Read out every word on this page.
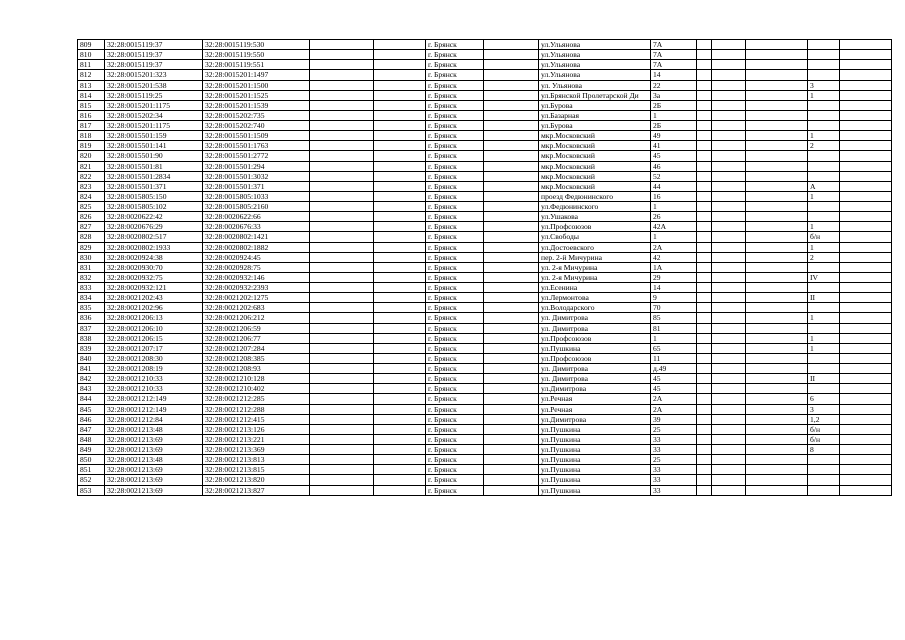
809	32:28:0015119:37	32:28:0015119:530			г. Брянск		ул.Ульянова	7А					
810	32:28:0015119:37	32:28:0015119:550			г. Брянск		ул.Ульянова	7А					
811	32:28:0015119:37	32:28:0015119:551			г. Брянск		ул.Ульянова	7А					
812	32:28:0015201:323	32:28:0015201:1497			г. Брянск		ул.Ульянова	14					
813	32:28:0015201:538	32:28:0015201:1500			г. Брянск		ул. Ульянова	22				3	
814	32:28:0015119:25	32:28:0015201:1525			г. Брянск		ул.Брянской Пролетарской Ди	3а				1	
815	32:28:0015201:1175	32:28:0015201:1539			г. Брянск		ул.Бурова	2Б					
816	32:28:0015202:34	32:28:0015202:735			г. Брянск		ул.Базарная	1					
817	32:28:0015201:1175	32:28:0015202:740			г. Брянск		ул.Бурова	2Б					
818	32:28:0015501:159	32:28:0015501:1509			г. Брянск		мкр.Московский	49				1	
819	32:28:0015501:141	32:28:0015501:1763			г. Брянск		мкр.Московский	41				2	
820	32:28:0015501:90	32:28:0015501:2772			г. Брянск		мкр.Московский	45					
821	32:28:0015501:81	32:28:0015501:294			г. Брянск		мкр.Московский	46					
822	32:28:0015501:2834	32:28:0015501:3032			г. Брянск		мкр.Московский	52					
823	32:28:0015501:371	32:28:0015501:371			г. Брянск		мкр.Московский	44				А	
824	32:28:0015805:150	32:28:0015805:1033			г. Брянск		проезд Федюнинского	16				1	
825	32:28:0015805:102	32:28:0015805:2160			г. Брянск		ул.Федюнинского	1					
826	32:28:0020622:42	32:28:0020622:66			г. Брянск		ул.Ушакова	26					
827	32:28:0020676:29	32:28:0020676:33			г. Брянск		ул.Профсоюзов	42А				1	
828	32:28:0020802:517	32:28:0020802:1421			г. Брянск		ул.Свободы	1				б/н	
829	32:28:0020802:1933	32:28:0020802:1882			г. Брянск		ул.Достоевского	2А				1	
830	32:28:0020924:38	32:28:0020924:45			г. Брянск		пер. 2-й Мичурина	42				2	
831	32:28:0020930:70	32:28:0020928:75			г. Брянск		ул. 2-я Мичурина	1А					
832	32:28:0020932:75	32:28:0020932:146			г. Брянск		ул. 2-я Мичурина	29				IV	
833	32:28:0020932:121	32:28:0020932:2393			г. Брянск		ул.Есенина	14					
834	32:28:0021202:43	32:28:0021202:1275			г. Брянск		ул.Лермонтова	9				II	
835	32:28:0021202:96	32:28:0021202:683			г. Брянск		ул.Володарского	70					
836	32:28:0021206:13	32:28:0021206:212			г. Брянск		ул. Димитрова	85				1	
837	32:28:0021206:10	32:28:0021206:59			г. Брянск		ул. Димитрова	81					
838	32:28:0021206:15	32:28:0021206:77			г. Брянск		ул.Профсоюзов	1				1	
839	32:28:0021207:17	32:28:0021207:284			г. Брянск		ул.Пушкина	65				1	
840	32:28:0021208:30	32:28:0021208:385			г. Брянск		ул.Профсоюзов	11					
841	32:28:0021208:19	32:28:0021208:93			г. Брянск		ул. Димитрова	д.49					
842	32:28:0021210:33	32:28:0021210:128			г. Брянск		ул. Димитрова	45				II	
843	32:28:0021210:33	32:28:0021210:402			г. Брянск		ул.Димитрова	45					
844	32:28:0021212:149	32:28:0021212:285			г. Брянск		ул.Речная	2А				6	
845	32:28:0021212:149	32:28:0021212:288			г. Брянск		ул.Речная	2А				3	
846	32:28:0021212:84	32:28:0021212:415			г. Брянск		ул.Димитрова	39				1,2	
847	32:28:0021213:48	32:28:0021213:126			г. Брянск		ул.Пушкина	25				б/н	
848	32:28:0021213:69	32:28:0021213:221			г. Брянск		ул.Пушкина	33				б/н	
849	32:28:0021213:69	32:28:0021213:369			г. Брянск		ул.Пушкина	33				8	
850	32:28:0021213:48	32:28:0021213:813			г. Брянск		ул.Пушкина	25					
851	32:28:0021213:69	32:28:0021213:815			г. Брянск		ул.Пушкина	33					
852	32:28:0021213:69	32:28:0021213:820			г. Брянск		ул.Пушкина	33					
853	32:28:0021213:69	32:28:0021213:827			г. Брянск		ул.Пушкина	33					
